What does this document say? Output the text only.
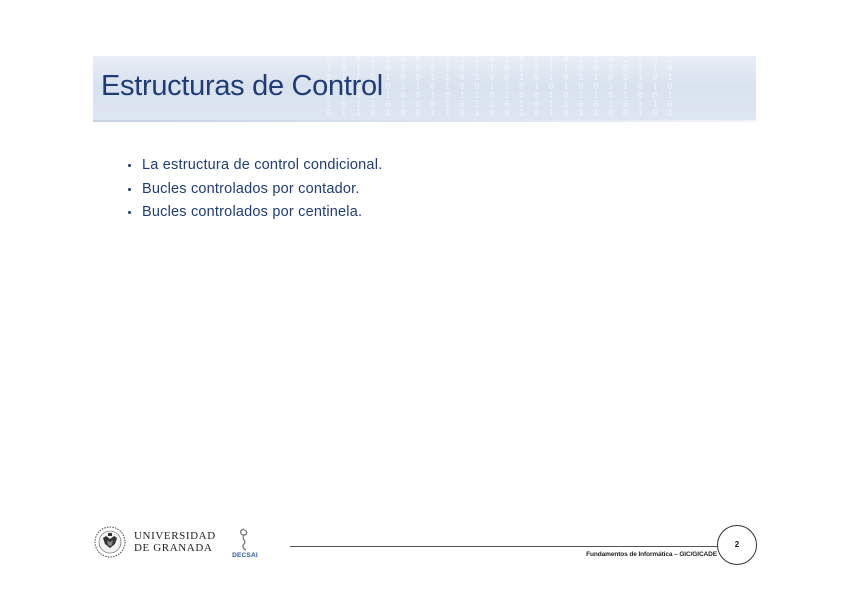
0 1 0 1 1 0 0 1 0 1 1 0 1 0 0 1 0 1 1 0 1 0 0 1
1 0 1 1 0 1 0 0 1 0 1 1 0 1 0 1 1 0 0 1 0 1 1 0
0 1 1 0 1 0 0 1 1 0 1 0 0 1 0 1 0 1 1 0 0 1 0 1
1 0 0 1 0 1 1 0 1 0 0 1 1 0 1 0 1 0 0 1 1 0 1 0
0 1 0 1 1 0 0 1 0 1 1 0 1 0 0 1 0 1 1 0 1 0 0 1
1 0 1 1 0 1 0 0 1 0 1 1 0 1 0 1 1 0 0 1 0 1 1 0
0 1 1 0 1 0 0 1 1 0 1 0 0 1 0 1 0 1 1 0 0 1 0 1
Estructuras de Control
La estructura de control condicional.
Bucles controlados por contador.
Bucles controlados por centinela.
UNIVERSIDAD
DE GRANADA
DECSAI	Fundamentos de Informática – GIC/GICADE
2
